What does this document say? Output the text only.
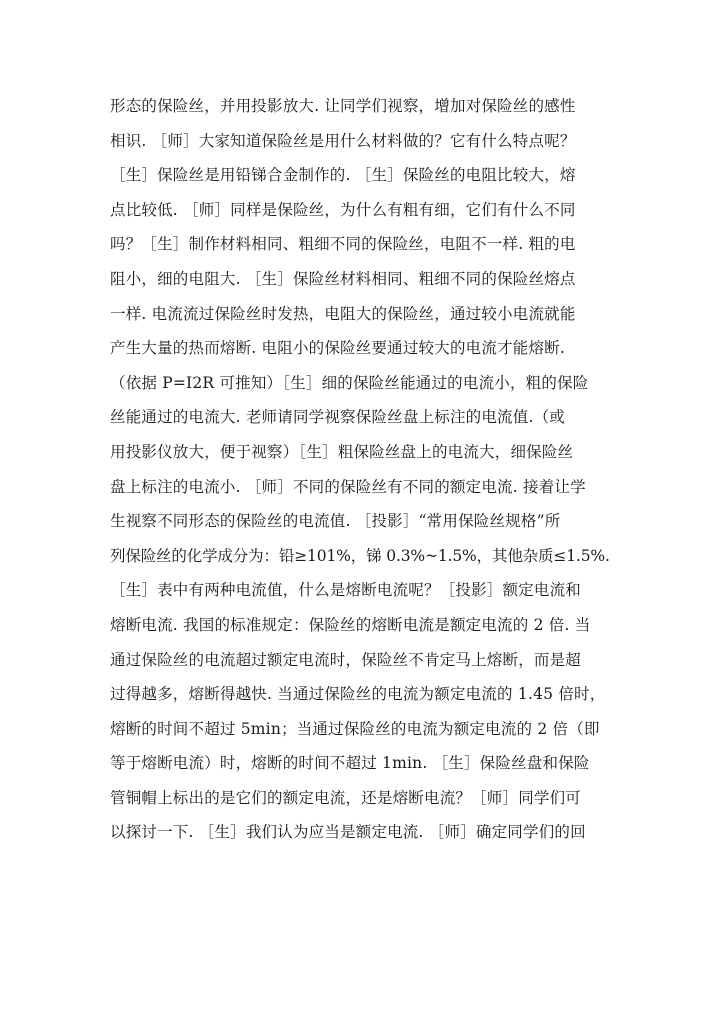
形态的保险丝，并用投影放大. 让同学们视察，增加对保险丝的感性
相识. ［师］大家知道保险丝是用什么材料做的？它有什么特点呢？
［生］保险丝是用铅锑合金制作的. ［生］保险丝的电阻比较大，熔
点比较低. ［师］同样是保险丝，为什么有粗有细，它们有什么不同
吗？［生］制作材料相同、粗细不同的保险丝，电阻不一样. 粗的电
阻小，细的电阻大. ［生］保险丝材料相同、粗细不同的保险丝熔点
一样. 电流流过保险丝时发热，电阻大的保险丝，通过较小电流就能
产生大量的热而熔断. 电阻小的保险丝要通过较大的电流才能熔断.
（依据 P=I2R 可推知）［生］细的保险丝能通过的电流小，粗的保险
丝能通过的电流大. 老师请同学视察保险丝盘上标注的电流值.（或
用投影仪放大，便于视察）［生］粗保险丝盘上的电流大，细保险丝
盘上标注的电流小. ［师］不同的保险丝有不同的额定电流. 接着让学
生视察不同形态的保险丝的电流值. ［投影］“常用保险丝规格”所
列保险丝的化学成分为：铅≥101%，锑 0.3%~1.5%，其他杂质≤1.5%.
［生］表中有两种电流值，什么是熔断电流呢？［投影］额定电流和
熔断电流. 我国的标准规定：保险丝的熔断电流是额定电流的 2 倍. 当
通过保险丝的电流超过额定电流时，保险丝不肯定马上熔断，而是超
过得越多，熔断得越快. 当通过保险丝的电流为额定电流的 1.45 倍时，
熔断的时间不超过 5min；当通过保险丝的电流为额定电流的 2 倍（即
等于熔断电流）时，熔断的时间不超过 1min. ［生］保险丝盘和保险
管铜帽上标出的是它们的额定电流，还是熔断电流？［师］同学们可
以探讨一下. ［生］我们认为应当是额定电流. ［师］确定同学们的回
